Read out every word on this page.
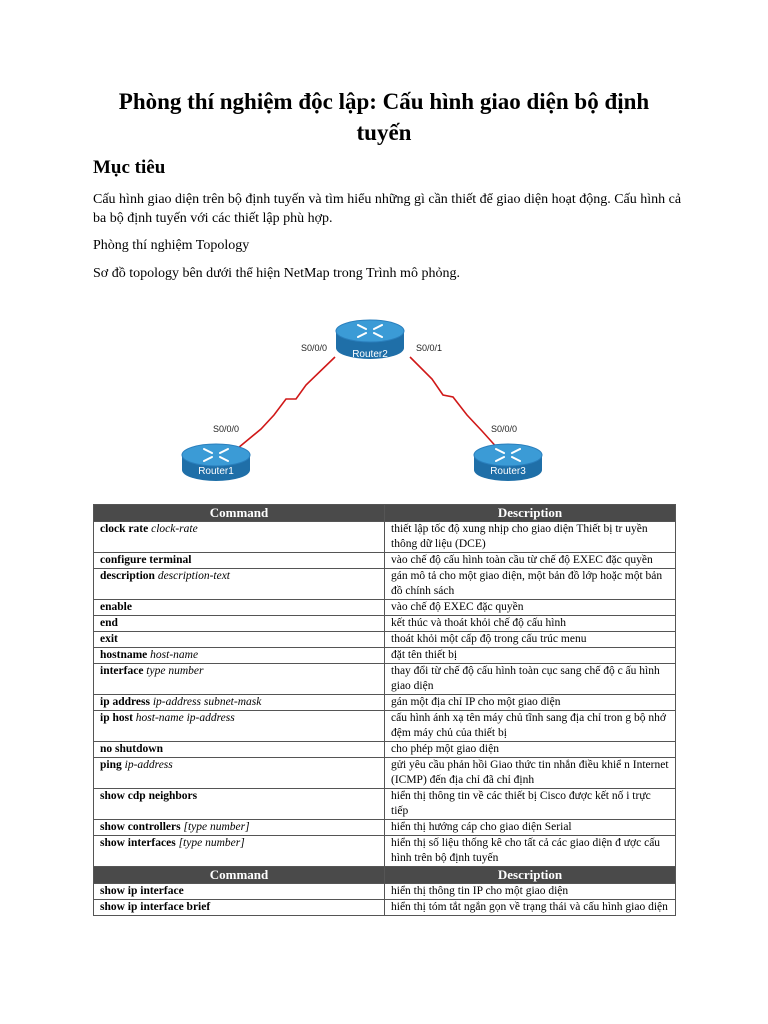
Phòng thí nghiệm độc lập: Cấu hình giao diện bộ định tuyến
Mục tiêu

Cấu hình giao diện trên bộ định tuyến và tìm hiểu những gì cần thiết để giao diện hoạt động. Cấu hình cả ba bộ định tuyến với các thiết lập phù hợp.

Phòng thí nghiệm Topology

Sơ đồ topology bên dưới thể hiện NetMap trong Trình mô phỏng.

Router2
Router1	Router3
S0/0/0	S0/0/1
S0/0/0	S0/0/0
Command	Description
clock rate clock-rate	thiết lập tốc độ xung nhịp cho giao diện Thiết bị tr uyền thông dữ liệu (DCE)
configure terminal	vào chế độ cấu hình toàn cầu từ chế độ EXEC đặc quyền
description description-text	gán mô tả cho một giao diện, một bản đồ lớp hoặc một bản đồ chính sách
enable	vào chế độ EXEC đặc quyền
end	kết thúc và thoát khỏi chế độ cấu hình
exit	thoát khỏi một cấp độ trong cấu trúc menu
hostname host-name	đặt tên thiết bị
interface type number	thay đổi từ chế độ cấu hình toàn cục sang chế độ c ấu hình giao diện
ip address ip-address subnet-mask	gán một địa chỉ IP cho một giao diện
ip host host-name ip-address	cấu hình ánh xạ tên máy chủ tĩnh sang địa chỉ tron g bộ nhớ đệm máy chủ của thiết bị
no shutdown	cho phép một giao diện
ping ip-address	gửi yêu cầu phản hồi Giao thức tin nhắn điều khiể n Internet (ICMP) đến địa chỉ đã chỉ định
show cdp neighbors	hiển thị thông tin về các thiết bị Cisco được kết nố i trực tiếp
show controllers [type number]	hiển thị hướng cáp cho giao diện Serial
show interfaces [type number]	hiển thị số liệu thống kê cho tất cả các giao diện đ ược cấu hình trên bộ định tuyến
Command	Description
show ip interface	hiển thị thông tin IP cho một giao diện
show ip interface brief	hiển thị tóm tắt ngắn gọn về trạng thái và cấu hình giao diện
